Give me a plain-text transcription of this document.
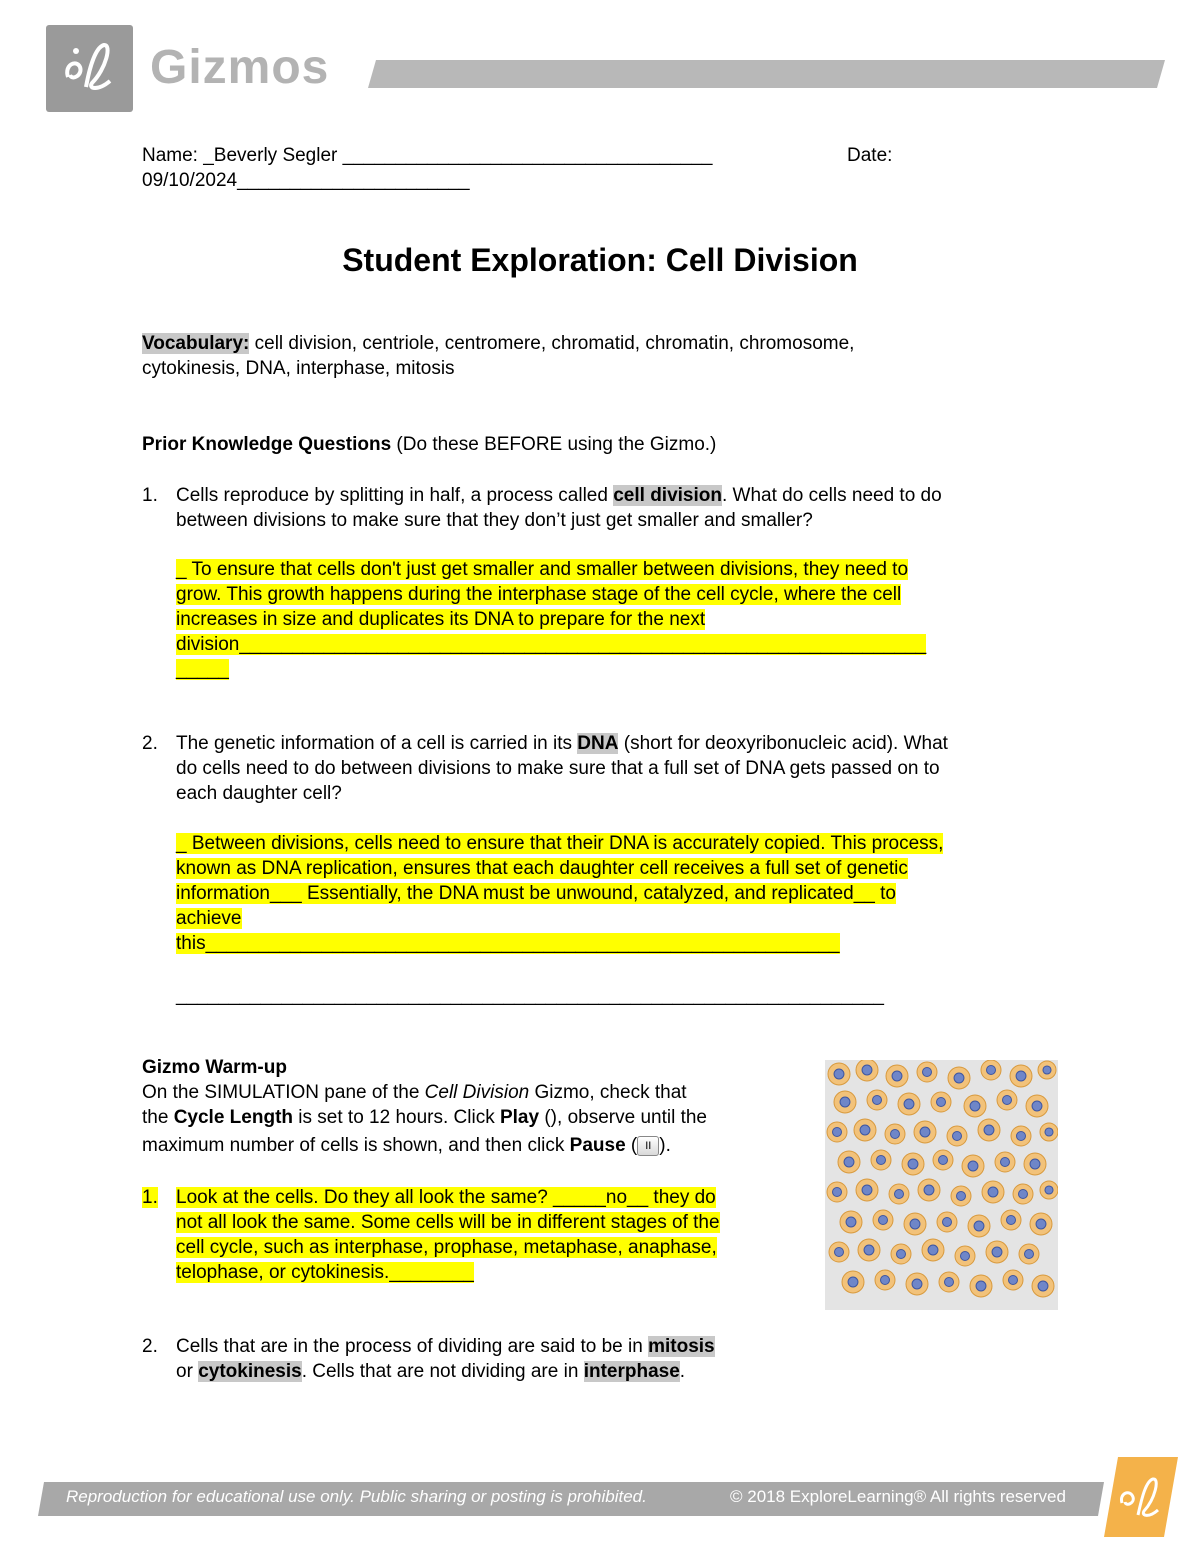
Gizmos
Name: _Beverly Segler ___________________________________	Date:
09/10/2024______________________
Student Exploration: Cell Division
Vocabulary: cell division, centriole, centromere, chromatid, chromatin, chromosome,
cytokinesis, DNA, interphase, mitosis
Prior Knowledge Questions (Do these BEFORE using the Gizmo.)
1. Cells reproduce by splitting in half, a process called cell division. What do cells need to do
between divisions to make sure that they don’t just get smaller and smaller?
_ To ensure that cells don't just get smaller and smaller between divisions, they need to
grow. This growth happens during the interphase stage of the cell cycle, where the cell
increases in size and duplicates its DNA to prepare for the next
division_________________________________________________________________
_____
2. The genetic information of a cell is carried in its DNA (short for deoxyribonucleic acid). What
do cells need to do between divisions to make sure that a full set of DNA gets passed on to
each daughter cell?
_ Between divisions, cells need to ensure that their DNA is accurately copied. This process,
known as DNA replication, ensures that each daughter cell receives a full set of genetic
information___ Essentially, the DNA must be unwound, catalyzed, and replicated__ to
achieve
this____________________________________________________________
___________________________________________________________________
Gizmo Warm-up
On the SIMULATION pane of the Cell Division Gizmo, check that
the Cycle Length is set to 12 hours. Click Play (), observe until the
maximum number of cells is shown, and then click Pause ( II ).
1. Look at the cells. Do they all look the same? _____no__ they do
not all look the same. Some cells will be in different stages of the
cell cycle, such as interphase, prophase, metaphase, anaphase,
telophase, or cytokinesis.________
2. Cells that are in the process of dividing are said to be in mitosis
or cytokinesis. Cells that are not dividing are in interphase.
Reproduction for educational use only. Public sharing or posting is prohibited.	© 2018 ExploreLearning® All rights reserved
